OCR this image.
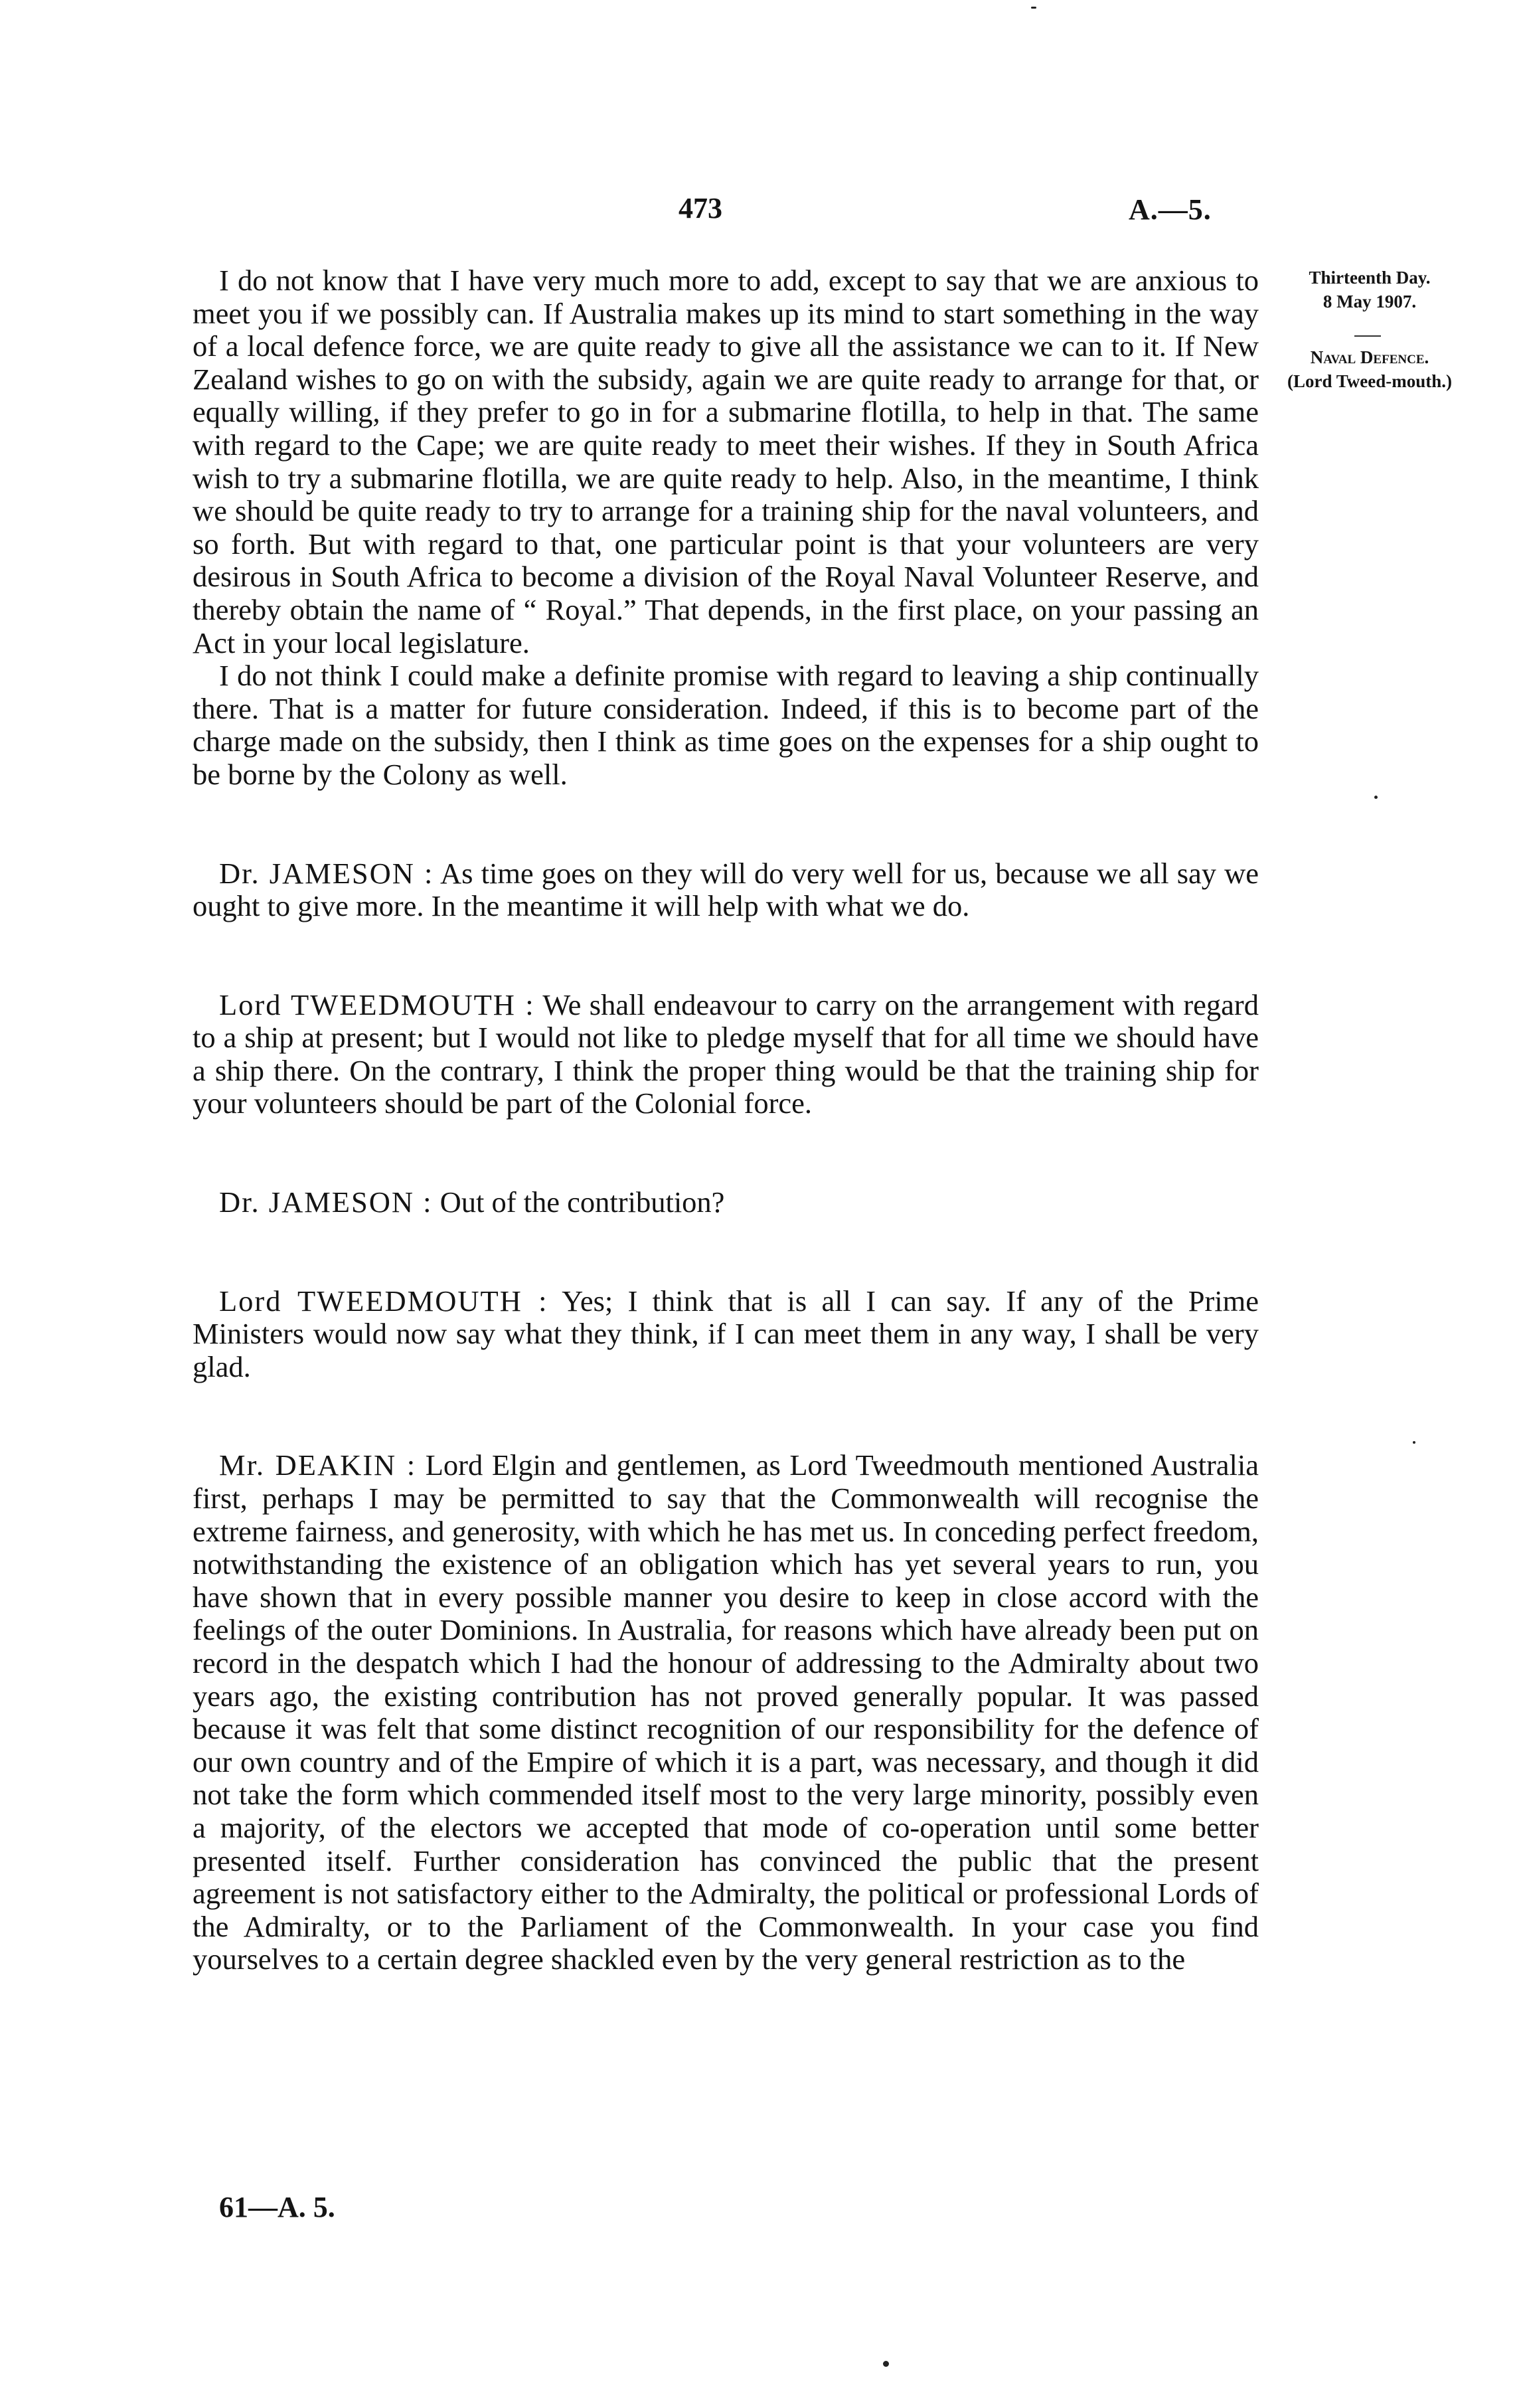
473	A.—5.
Thirteenth Day.
8 May 1907.
Naval Defence.
(Lord Tweed-mouth.)

I do not know that I have very much more to add, except to say that we are anxious to meet you if we possibly can. If Australia makes up its mind to start something in the way of a local defence force, we are quite ready to give all the assistance we can to it. If New Zealand wishes to go on with the subsidy, again we are quite ready to arrange for that, or equally willing, if they prefer to go in for a submarine flotilla, to help in that. The same with regard to the Cape; we are quite ready to meet their wishes. If they in South Africa wish to try a submarine flotilla, we are quite ready to help. Also, in the meantime, I think we should be quite ready to try to arrange for a training ship for the naval volunteers, and so forth. But with regard to that, one particular point is that your volunteers are very desirous in South Africa to become a division of the Royal Naval Volunteer Reserve, and thereby obtain the name of “ Royal.” That depends, in the first place, on your passing an Act in your local legislature.

I do not think I could make a definite promise with regard to leaving a ship continually there. That is a matter for future consideration. Indeed, if this is to become part of the charge made on the subsidy, then I think as time goes on the expenses for a ship ought to be borne by the Colony as well.

Dr. JAMESON : As time goes on they will do very well for us, because we all say we ought to give more. In the meantime it will help with what we do.

Lord TWEEDMOUTH : We shall endeavour to carry on the arrangement with regard to a ship at present; but I would not like to pledge myself that for all time we should have a ship there. On the contrary, I think the proper thing would be that the training ship for your volunteers should be part of the Colonial force.

Dr. JAMESON : Out of the contribution?

Lord TWEEDMOUTH : Yes; I think that is all I can say. If any of the Prime Ministers would now say what they think, if I can meet them in any way, I shall be very glad.

Mr. DEAKIN : Lord Elgin and gentlemen, as Lord Tweedmouth mentioned Australia first, perhaps I may be permitted to say that the Commonwealth will recognise the extreme fairness, and generosity, with which he has met us. In conceding perfect freedom, notwithstanding the existence of an obligation which has yet several years to run, you have shown that in every possible manner you desire to keep in close accord with the feelings of the outer Dominions. In Australia, for reasons which have already been put on record in the despatch which I had the honour of addressing to the Admiralty about two years ago, the existing contribution has not proved generally popular. It was passed because it was felt that some distinct recognition of our responsibility for the defence of our own country and of the Empire of which it is a part, was necessary, and though it did not take the form which commended itself most to the very large minority, possibly even a majority, of the electors we accepted that mode of co-operation until some better presented itself. Further consideration has convinced the public that the present agreement is not satisfactory either to the Admiralty, the political or professional Lords of the Admiralty, or to the Parliament of the Commonwealth. In your case you find yourselves to a certain degree shackled even by the very general restriction as to the

61—A. 5.
